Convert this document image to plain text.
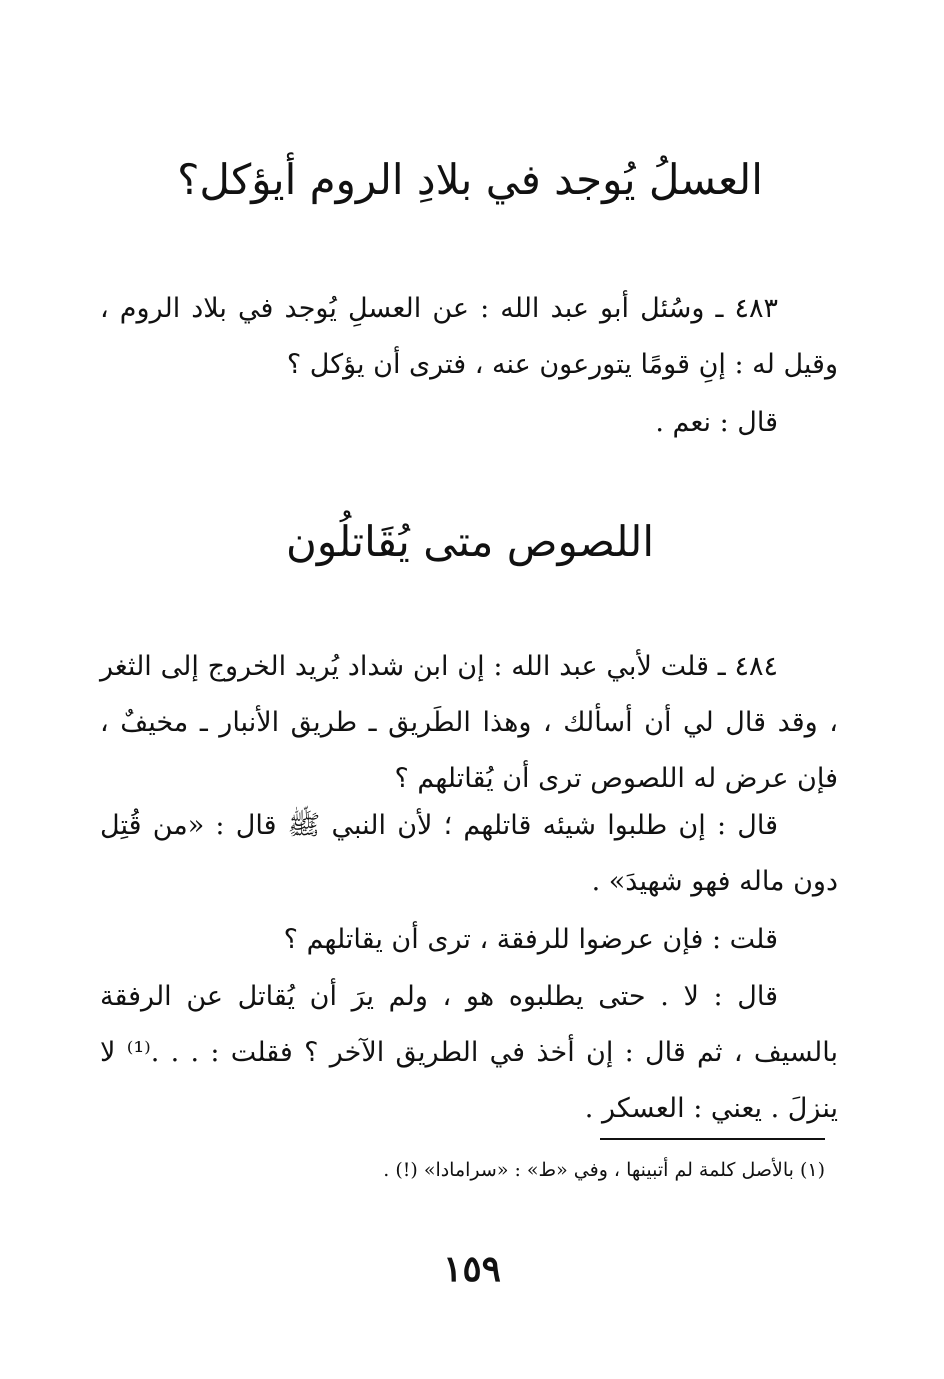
العسلُ يُوجد في بلادِ الروم أيؤكل؟

٤٨٣ ـ وسُئل أبو عبد الله : عن العسلِ يُوجد في بلاد الروم ، وقيل له : إنِ قومًا يتورعون عنه ، فترى أن يؤكل ؟

قال : نعم .

اللصوص متى يُقَاتلُون

٤٨٤ ـ قلت لأبي عبد الله : إن ابن شداد يُريد الخروج إلى الثغر ، وقد قال لي أن أسألك ، وهذا الطَريق ـ طريق الأنبار ـ مخيفٌ ، فإن عرض له اللصوص ترى أن يُقاتلهم ؟

قال : إن طلبوا شيئه قاتلهم ؛ لأن النبي ﷺ قال : «من قُتِل دون ماله فهو شهيدَ» .

قلت : فإن عرضوا للرفقة ، ترى أن يقاتلهم ؟

قال : لا . حتى يطلبوه هو ، ولم يرَ أن يُقاتل عن الرفقة بالسيف ، ثم قال : إن أخذ في الطريق الآخر ؟ فقلت : . . .⁽¹⁾ لا ينزلَ . يعني : العسكر .

(١) بالأصل كلمة لم أتبينها ، وفي «ط» : «سرامادا» (!) .

١٥٩
